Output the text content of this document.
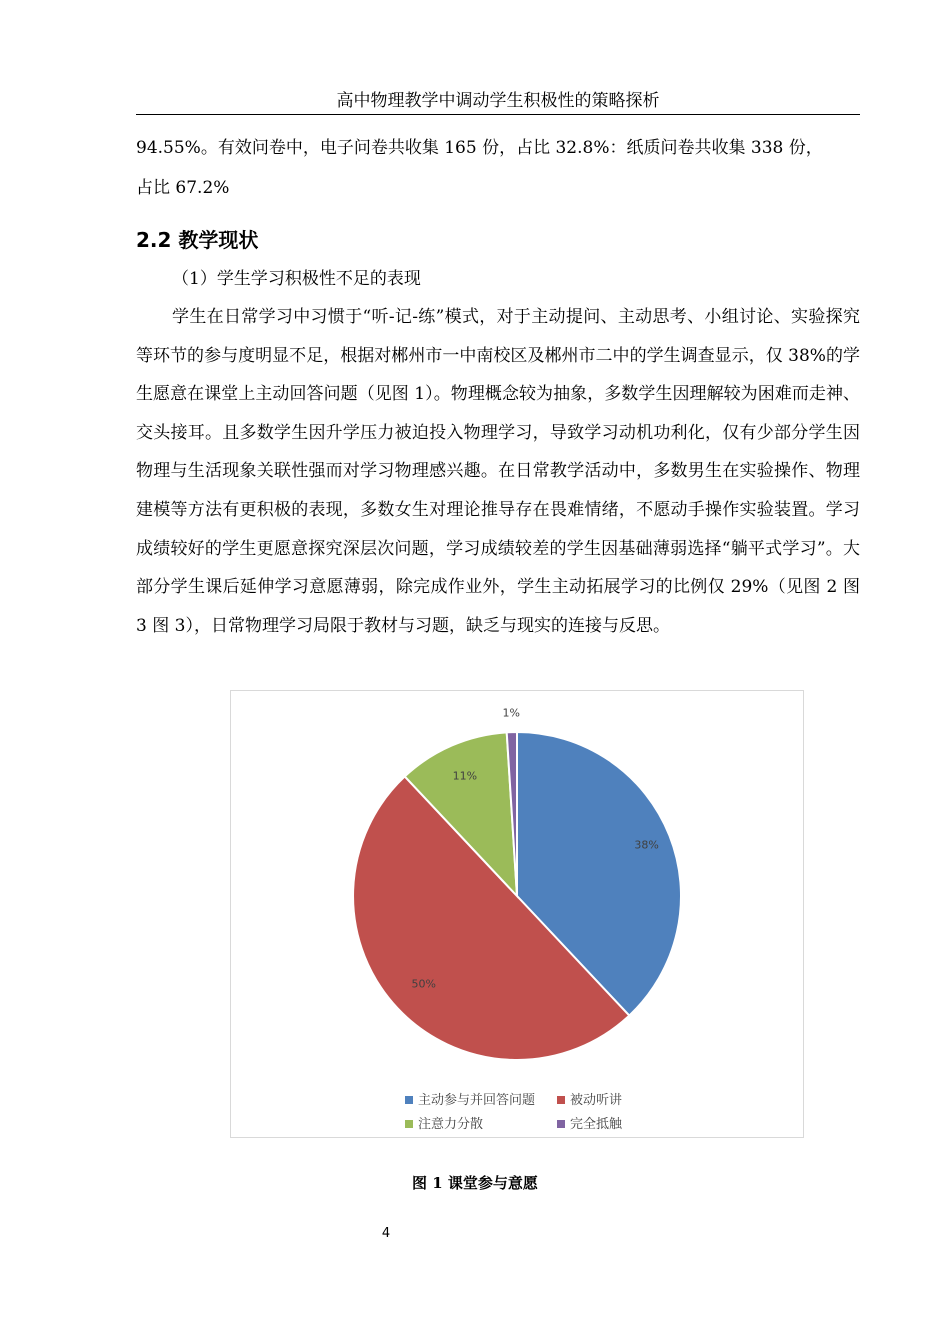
高中物理教学中调动学生积极性的策略探析

94.55%。有效问卷中，电子问卷共收集 165 份，占比 32.8%：纸质问卷共收集 338 份，

占比 67.2%

2.2 教学现状

（1）学生学习积极性不足的表现

学生在日常学习中习惯于“听-记-练”模式，对于主动提问、主动思考、小组讨论、实验探究等环节的参与度明显不足，根据对郴州市一中南校区及郴州市二中的学生调查显示，仅 38%的学生愿意在课堂上主动回答问题（见图 1）。物理概念较为抽象，多数学生因理解较为困难而走神、交头接耳。且多数学生因升学压力被迫投入物理学习，导致学习动机功利化，仅有少部分学生因物理与生活现象关联性强而对学习物理感兴趣。在日常教学活动中，多数男生在实验操作、物理建模等方法有更积极的表现，多数女生对理论推导存在畏难情绪，不愿动手操作实验装置。学习成绩较好的学生更愿意探究深层次问题，学习成绩较差的学生因基础薄弱选择“躺平式学习”。大部分学生课后延伸学习意愿薄弱，除完成作业外，学生主动拓展学习的比例仅 29%（见图 2 图 3 图 3），日常物理学习局限于教材与习题，缺乏与现实的连接与反思。

38%
50%
11%
1%
主动参与并回答问题	被动听讲
注意力分散	完全抵触

图 1 课堂参与意愿

4
